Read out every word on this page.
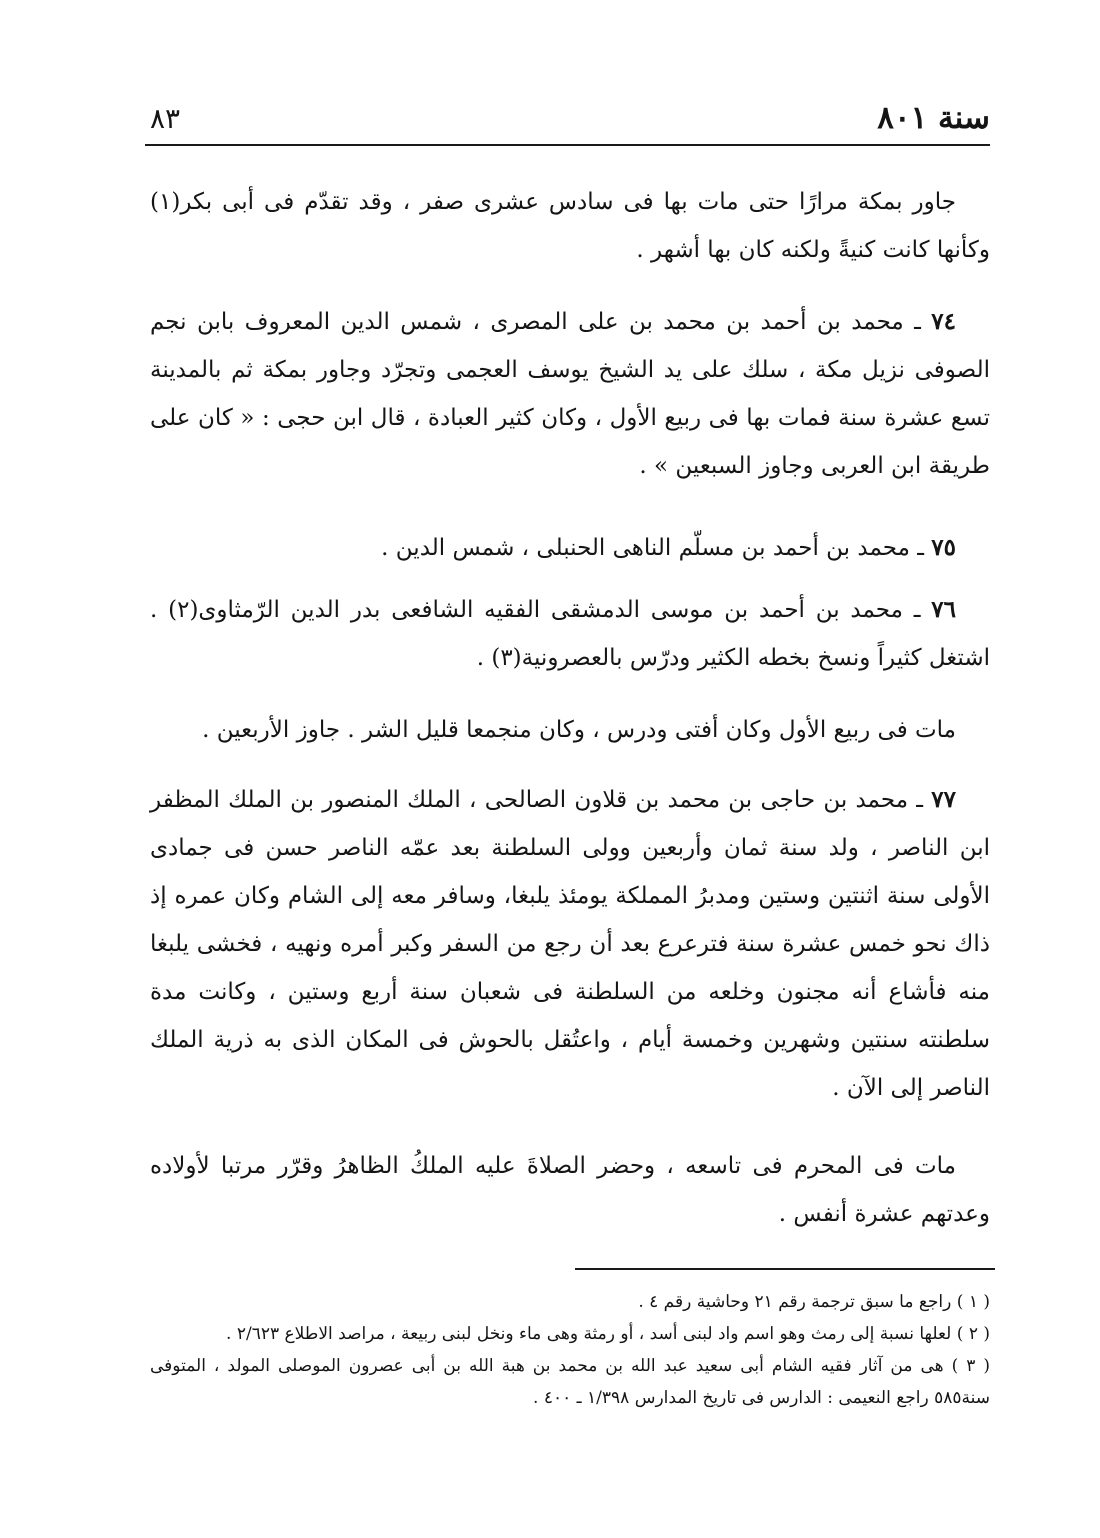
سنة ٨٠١
٨٣

جاور بمكة مرارًا حتى مات بها فى سادس عشرى صفر ، وقد تقدّم فى أبى بكر(١) وكأنها كانت كنيةً ولكنه كان بها أشهر .

٧٤ ـ محمد بن أحمد بن محمد بن على المصرى ، شمس الدين المعروف بابن نجم الصوفى نزيل مكة ، سلك على يد الشيخ يوسف العجمى وتجرّد وجاور بمكة ثم بالمدينة تسع عشرة سنة فمات بها فى ربيع الأول ، وكان كثير العبادة ، قال ابن حجى : « كان على طريقة ابن العربى وجاوز السبعين » .

٧٥ ـ محمد بن أحمد بن مسلّم الناهى الحنبلى ، شمس الدين .

٧٦ ـ محمد بن أحمد بن موسى الدمشقى الفقيه الشافعى بدر الدين الرّمثاوى(٢) . اشتغل كثيراً ونسخ بخطه الكثير ودرّس بالعصرونية(٣) .

مات فى ربيع الأول وكان أفتى ودرس ، وكان منجمعا قليل الشر . جاوز الأربعين .

٧٧ ـ محمد بن حاجى بن محمد بن قلاون الصالحى ، الملك المنصور بن الملك المظفر ابن الناصر ، ولد سنة ثمان وأربعين وولى السلطنة بعد عمّه الناصر حسن فى جمادى الأولى سنة اثنتين وستين ومدبرُ المملكة يومئذ يلبغا، وسافر معه إلى الشام وكان عمره إذ ذاك نحو خمس عشرة سنة فترعرع بعد أن رجع من السفر وكبر أمره ونهيه ، فخشى يلبغا منه فأشاع أنه مجنون وخلعه من السلطنة فى شعبان سنة أربع وستين ، وكانت مدة سلطنته سنتين وشهرين وخمسة أيام ، واعتُقل بالحوش فى المكان الذى به ذرية الملك الناصر إلى الآن .

مات فى المحرم فى تاسعه ، وحضر الصلاةَ عليه الملكُ الظاهرُ وقرّر مرتبا لأولاده وعدتهم عشرة أنفس .

( ١ ) راجع ما سبق ترجمة رقم ٢١ وحاشية رقم ٤ .

( ٢ ) لعلها نسبة إلى رمث وهو اسم واد لبنى أسد ، أو رمثة وهى ماء ونخل لبنى ربيعة ، مراصد الاطلاع ٢/٦٢٣ .

( ٣ ) هى من آثار فقيه الشام أبى سعيد عبد الله بن محمد بن هبة الله بن أبى عصرون الموصلى المولد ، المتوفى سنة٥٨٥ راجع النعيمى : الدارس فى تاريخ المدارس ١/٣٩٨ ـ ٤٠٠ .
